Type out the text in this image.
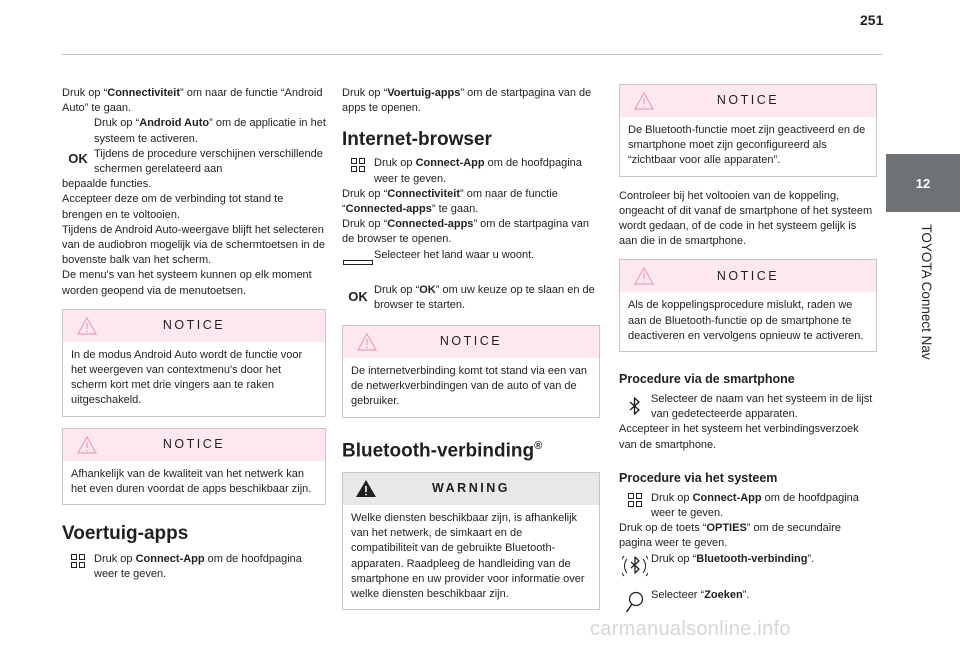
251
12
TOYOTA Connect Nav

Druk op “Connectiviteit” om naar de functie “Android Auto” te gaan.

OK

Druk op “Android Auto” om de applicatie in het systeem te activeren.

Tijdens de procedure verschijnen verschillende schermen gerelateerd aan

bepaalde functies.

Accepteer deze om de verbinding tot stand te brengen en te voltooien.

Tijdens de Android Auto-weergave blijft het selecteren van de audiobron mogelijk via de schermtoetsen in de bovenste balk van het scherm.

De menu's van het systeem kunnen op elk moment worden geopend via de menutoetsen.

NOTICE
In de modus Android Auto wordt de functie voor het weergeven van contextmenu's door het scherm kort met drie vingers aan te raken uitgeschakeld.
NOTICE
Afhankelijk van de kwaliteit van het netwerk kan het even duren voordat de apps beschikbaar zijn.
Voertuig-apps

Druk op Connect-App om de hoofdpagina weer te geven.

Druk op “Voertuig-apps” om de startpagina van de apps te openen.

Internet-browser

Druk op Connect-App om de hoofdpagina weer te geven.

Druk op “Connectiviteit” om naar de functie “Connected-apps” te gaan.

Druk op “Connected-apps” om de startpagina van de browser te openen.

Selecteer het land waar u woont.

OK Druk op “OK” om uw keuze op te slaan en de browser te starten.

NOTICE
De internetverbinding komt tot stand via een van de netwerkverbindingen van de auto of van de gebruiker.
Bluetooth-verbinding®
WARNING
Welke diensten beschikbaar zijn, is afhankelijk van het netwerk, de simkaart en de compatibiliteit van de gebruikte Bluetooth-apparaten. Raadpleeg de handleiding van de smartphone en uw provider voor informatie over welke diensten beschikbaar zijn.
NOTICE
De Bluetooth-functie moet zijn geactiveerd en de smartphone moet zijn geconfigureerd als “zichtbaar voor alle apparaten”.

Controleer bij het voltooien van de koppeling, ongeacht of dit vanaf de smartphone of het systeem wordt gedaan, of de code in het systeem gelijk is aan die in de smartphone.

NOTICE
Als de koppelingsprocedure mislukt, raden we aan de Bluetooth-functie op de smartphone te deactiveren en vervolgens opnieuw te activeren.
Procedure via de smartphone

Selecteer de naam van het systeem in de lijst van gedetecteerde apparaten.

Accepteer in het systeem het verbindingsverzoek van de smartphone.

Procedure via het systeem

Druk op Connect-App om de hoofdpagina weer te geven.

Druk op de toets “OPTIES” om de secundaire pagina weer te geven.

Druk op “Bluetooth-verbinding”.

Selecteer “Zoeken”.

carmanualsonline.info
